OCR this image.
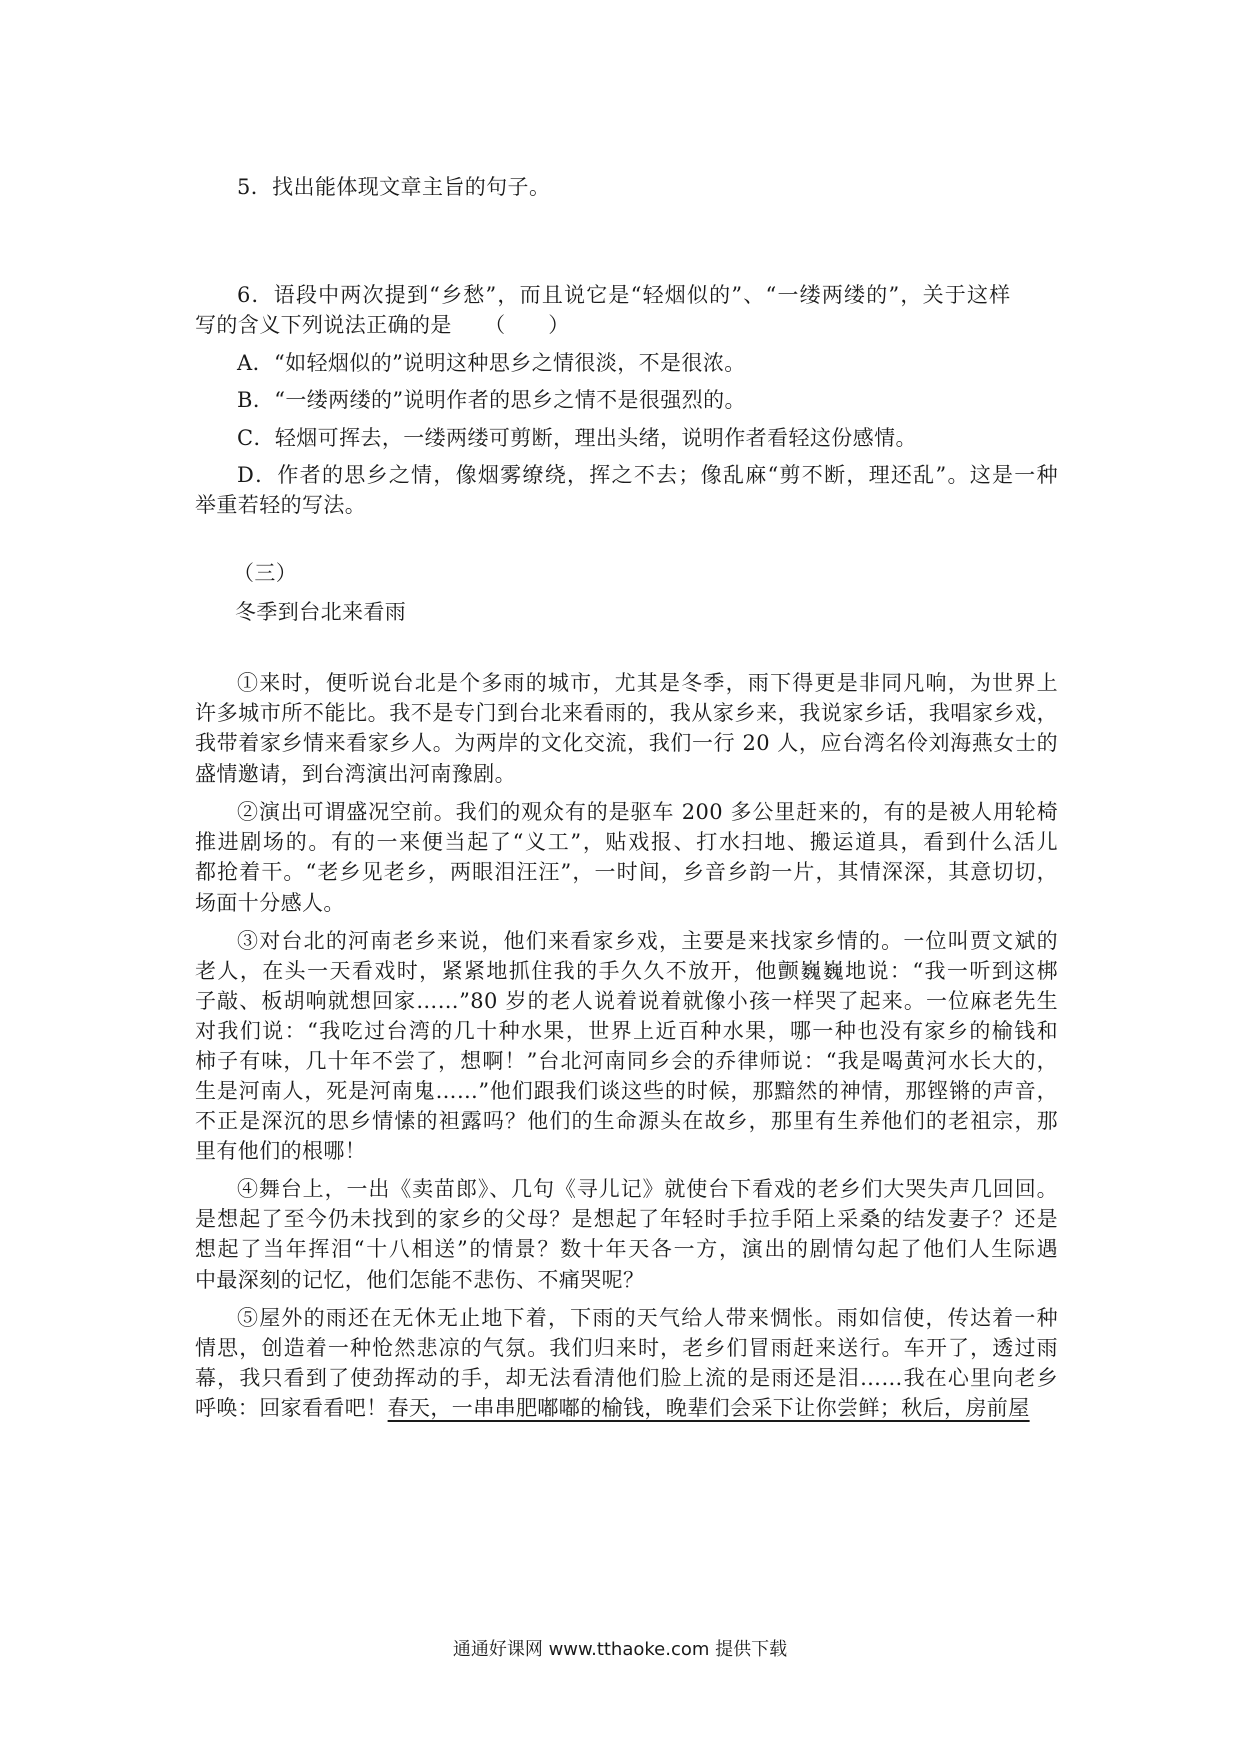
5．找出能体现文章主旨的句子。
6．语段中两次提到“乡愁”，而且说它是“轻烟似的”、“一缕两缕的”，关于这样
写的含义下列说法正确的是　　（　　）
A．“如轻烟似的”说明这种思乡之情很淡，不是很浓。
B．“一缕两缕的”说明作者的思乡之情不是很强烈的。
C．轻烟可挥去，一缕两缕可剪断，理出头绪，说明作者看轻这份感情。
D．作者的思乡之情，像烟雾缭绕，挥之不去；像乱麻“剪不断，理还乱”。这是一种
举重若轻的写法。
（三）
冬季到台北来看雨
①来时，便听说台北是个多雨的城市，尤其是冬季，雨下得更是非同凡响，为世界上
许多城市所不能比。我不是专门到台北来看雨的，我从家乡来，我说家乡话，我唱家乡戏，
我带着家乡情来看家乡人。为两岸的文化交流，我们一行 20 人，应台湾名伶刘海燕女士的
盛情邀请，到台湾演出河南豫剧。
②演出可谓盛况空前。我们的观众有的是驱车 200 多公里赶来的，有的是被人用轮椅
推进剧场的。有的一来便当起了“义工”，贴戏报、打水扫地、搬运道具，看到什么活儿
都抢着干。“老乡见老乡，两眼泪汪汪”，一时间，乡音乡韵一片，其情深深，其意切切，
场面十分感人。
③对台北的河南老乡来说，他们来看家乡戏，主要是来找家乡情的。一位叫贾文斌的
老人，在头一天看戏时，紧紧地抓住我的手久久不放开，他颤巍巍地说：“我一听到这梆
子敲、板胡响就想回家……”80 岁的老人说着说着就像小孩一样哭了起来。一位麻老先生
对我们说：“我吃过台湾的几十种水果，世界上近百种水果，哪一种也没有家乡的榆钱和
柿子有味，几十年不尝了，想啊！”台北河南同乡会的乔律师说：“我是喝黄河水长大的，
生是河南人，死是河南鬼……”他们跟我们谈这些的时候，那黯然的神情，那铿锵的声音，
不正是深沉的思乡情愫的袒露吗？他们的生命源头在故乡，那里有生养他们的老祖宗，那
里有他们的根哪！
④舞台上，一出《卖苗郎》、几句《寻儿记》就使台下看戏的老乡们大哭失声几回回。
是想起了至今仍未找到的家乡的父母？是想起了年轻时手拉手陌上采桑的结发妻子？还是
想起了当年挥泪“十八相送”的情景？数十年天各一方，演出的剧情勾起了他们人生际遇
中最深刻的记忆，他们怎能不悲伤、不痛哭呢？
⑤屋外的雨还在无休无止地下着，下雨的天气给人带来惆怅。雨如信使，传达着一种
情思，创造着一种怆然悲凉的气氛。我们归来时，老乡们冒雨赶来送行。车开了，透过雨
幕，我只看到了使劲挥动的手，却无法看清他们脸上流的是雨还是泪……我在心里向老乡
呼唤：回家看看吧！春天，一串串肥嘟嘟的榆钱，晚辈们会采下让你尝鲜；秋后，房前屋
通通好课网 www.tthaoke.com 提供下载
